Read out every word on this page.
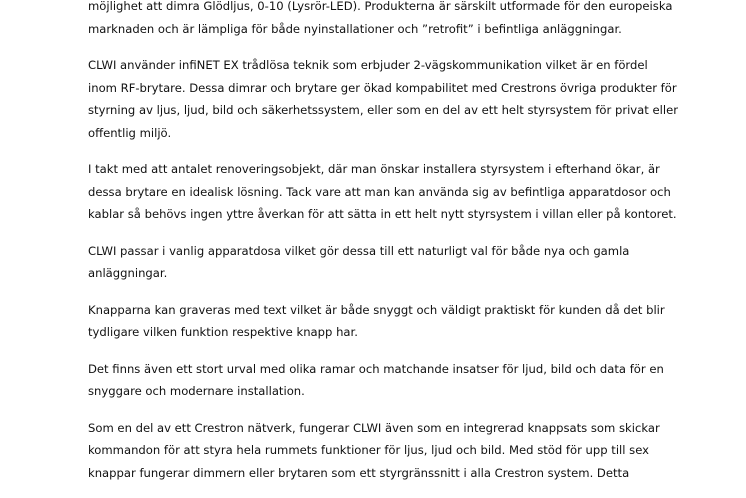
möjlighet att dimra Glödljus, 0-10 (Lysrör-LED). Produkterna är särskilt utformade för den europeiska
marknaden och är lämpliga för både nyinstallationer och ”retrofit” i befintliga anläggningar.

CLWI använder infiNET EX trådlösa teknik som erbjuder 2-vägskommunikation vilket är en fördel
inom RF-brytare. Dessa dimrar och brytare ger ökad kompabilitet med Crestrons övriga produkter för
styrning av ljus, ljud, bild och säkerhetssystem, eller som en del av ett helt styrsystem för privat eller
offentlig miljö.

I takt med att antalet renoveringsobjekt, där man önskar installera styrsystem i efterhand ökar, är
dessa brytare en idealisk lösning. Tack vare att man kan använda sig av befintliga apparatdosor och
kablar så behövs ingen yttre åverkan för att sätta in ett helt nytt styrsystem i villan eller på kontoret.

CLWI passar i vanlig apparatdosa vilket gör dessa till ett naturligt val för både nya och gamla
anläggningar.

Knapparna kan graveras med text vilket är både snyggt och väldigt praktiskt för kunden då det blir
tydligare vilken funktion respektive knapp har.

Det finns även ett stort urval med olika ramar och matchande insatser för ljud, bild och data för en
snyggare och modernare installation.

Som en del av ett Crestron nätverk, fungerar CLWI även som en integrerad knappsats som skickar
kommandon för att styra hela rummets funktioner för ljus, ljud och bild. Med stöd för upp till sex
knappar fungerar dimmern eller brytaren som ett styrgränssnitt i alla Crestron system. Detta
